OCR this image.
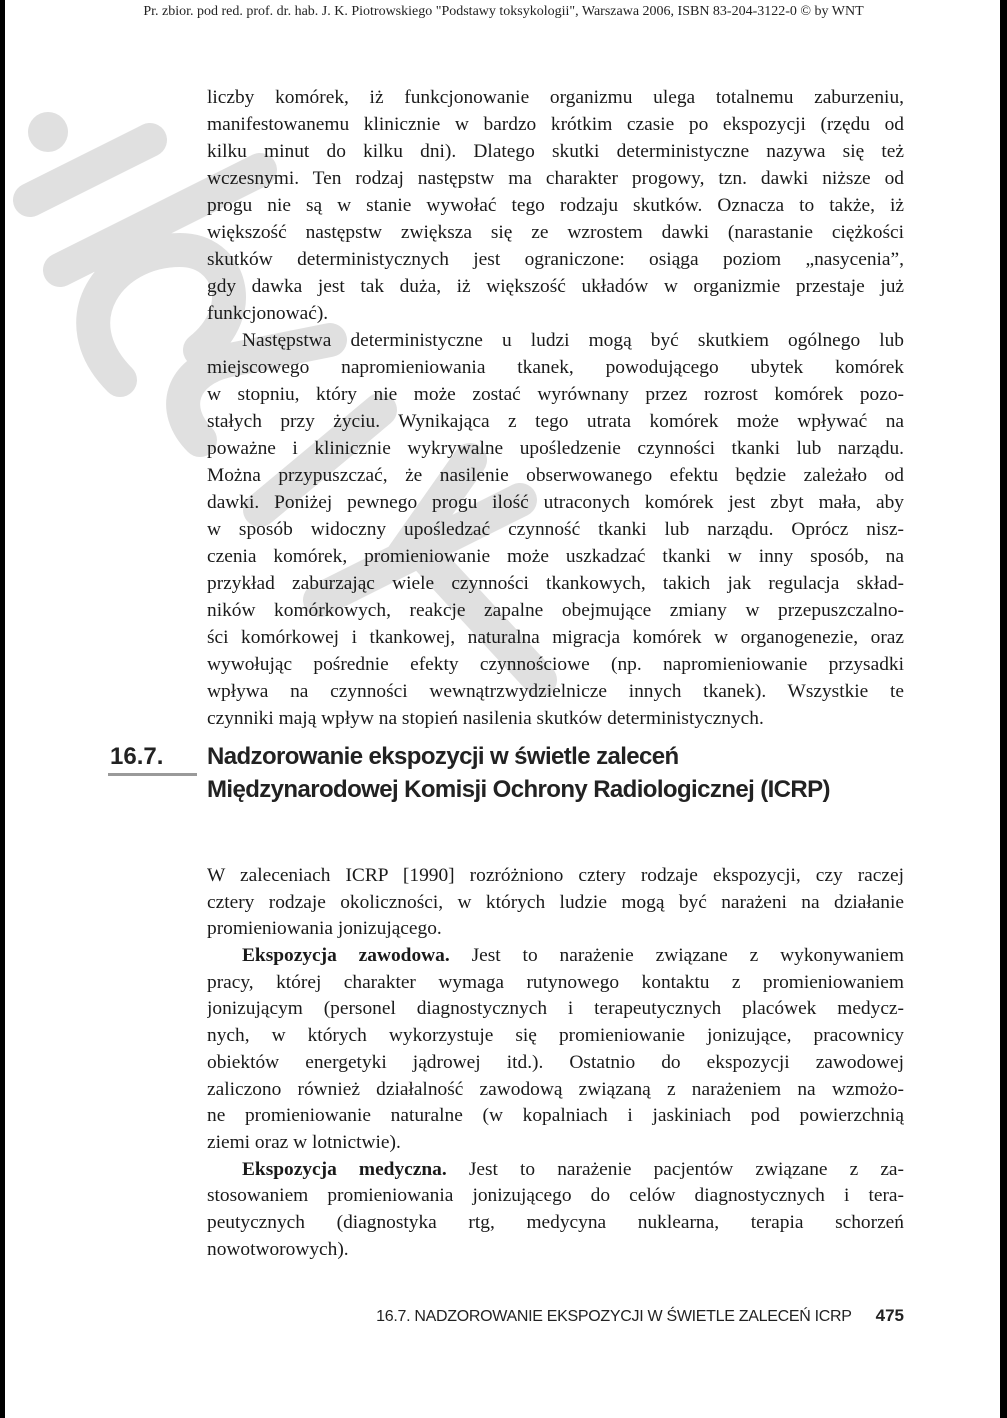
Pr. zbior. pod red. prof. dr. hab. J. K. Piotrowskiego "Podstawy toksykologii", Warszawa 2006, ISBN 83-204-3122-0 © by WNT
liczby komórek, iż funkcjonowanie organizmu ulega totalnemu zaburzeniu,
manifestowanemu klinicznie w bardzo krótkim czasie po ekspozycji (rzędu od
kilku minut do kilku dni). Dlatego skutki deterministyczne nazywa się też
wczesnymi. Ten rodzaj następstw ma charakter progowy, tzn. dawki niższe od
progu nie są w stanie wywołać tego rodzaju skutków. Oznacza to także, iż
większość następstw zwiększa się ze wzrostem dawki (narastanie ciężkości
skutków deterministycznych jest ograniczone: osiąga poziom „nasycenia”,
gdy dawka jest tak duża, iż większość układów w organizmie przestaje już
funkcjonować).
Następstwa deterministyczne u ludzi mogą być skutkiem ogólnego lub
miejscowego napromieniowania tkanek, powodującego ubytek komórek
w stopniu, który nie może zostać wyrównany przez rozrost komórek pozo-
stałych przy życiu. Wynikająca z tego utrata komórek może wpływać na
poważne i klinicznie wykrywalne upośledzenie czynności tkanki lub narządu.
Można przypuszczać, że nasilenie obserwowanego efektu będzie zależało od
dawki. Poniżej pewnego progu ilość utraconych komórek jest zbyt mała, aby
w sposób widoczny upośledzać czynność tkanki lub narządu. Oprócz nisz-
czenia komórek, promieniowanie może uszkadzać tkanki w inny sposób, na
przykład zaburzając wiele czynności tkankowych, takich jak regulacja skład-
ników komórkowych, reakcje zapalne obejmujące zmiany w przepuszczalno-
ści komórkowej i tkankowej, naturalna migracja komórek w organogenezie, oraz
wywołując pośrednie efekty czynnościowe (np. napromieniowanie przysadki
wpływa na czynności wewnątrzwydzielnicze innych tkanek). Wszystkie te
czynniki mają wpływ na stopień nasilenia skutków deterministycznych.
16.7. Nadzorowanie ekspozycji w świetle zaleceń
Międzynarodowej Komisji Ochrony Radiologicznej (ICRP)
W zaleceniach ICRP [1990] rozróżniono cztery rodzaje ekspozycji, czy raczej
cztery rodzaje okoliczności, w których ludzie mogą być narażeni na działanie
promieniowania jonizującego.
Ekspozycja zawodowa. Jest to narażenie związane z wykonywaniem
pracy, której charakter wymaga rutynowego kontaktu z promieniowaniem
jonizującym (personel diagnostycznych i terapeutycznych placówek medycz-
nych, w których wykorzystuje się promieniowanie jonizujące, pracownicy
obiektów energetyki jądrowej itd.). Ostatnio do ekspozycji zawodowej
zaliczono również działalność zawodową związaną z narażeniem na wzmożo-
ne promieniowanie naturalne (w kopalniach i jaskiniach pod powierzchnią
ziemi oraz w lotnictwie).
Ekspozycja medyczna. Jest to narażenie pacjentów związane z za-
stosowaniem promieniowania jonizującego do celów diagnostycznych i tera-
peutycznych (diagnostyka rtg, medycyna nuklearna, terapia schorzeń
nowotworowych).
16.7. NADZOROWANIE EKSPOZYCJI W ŚWIETLE ZALECEŃ ICRP 475
